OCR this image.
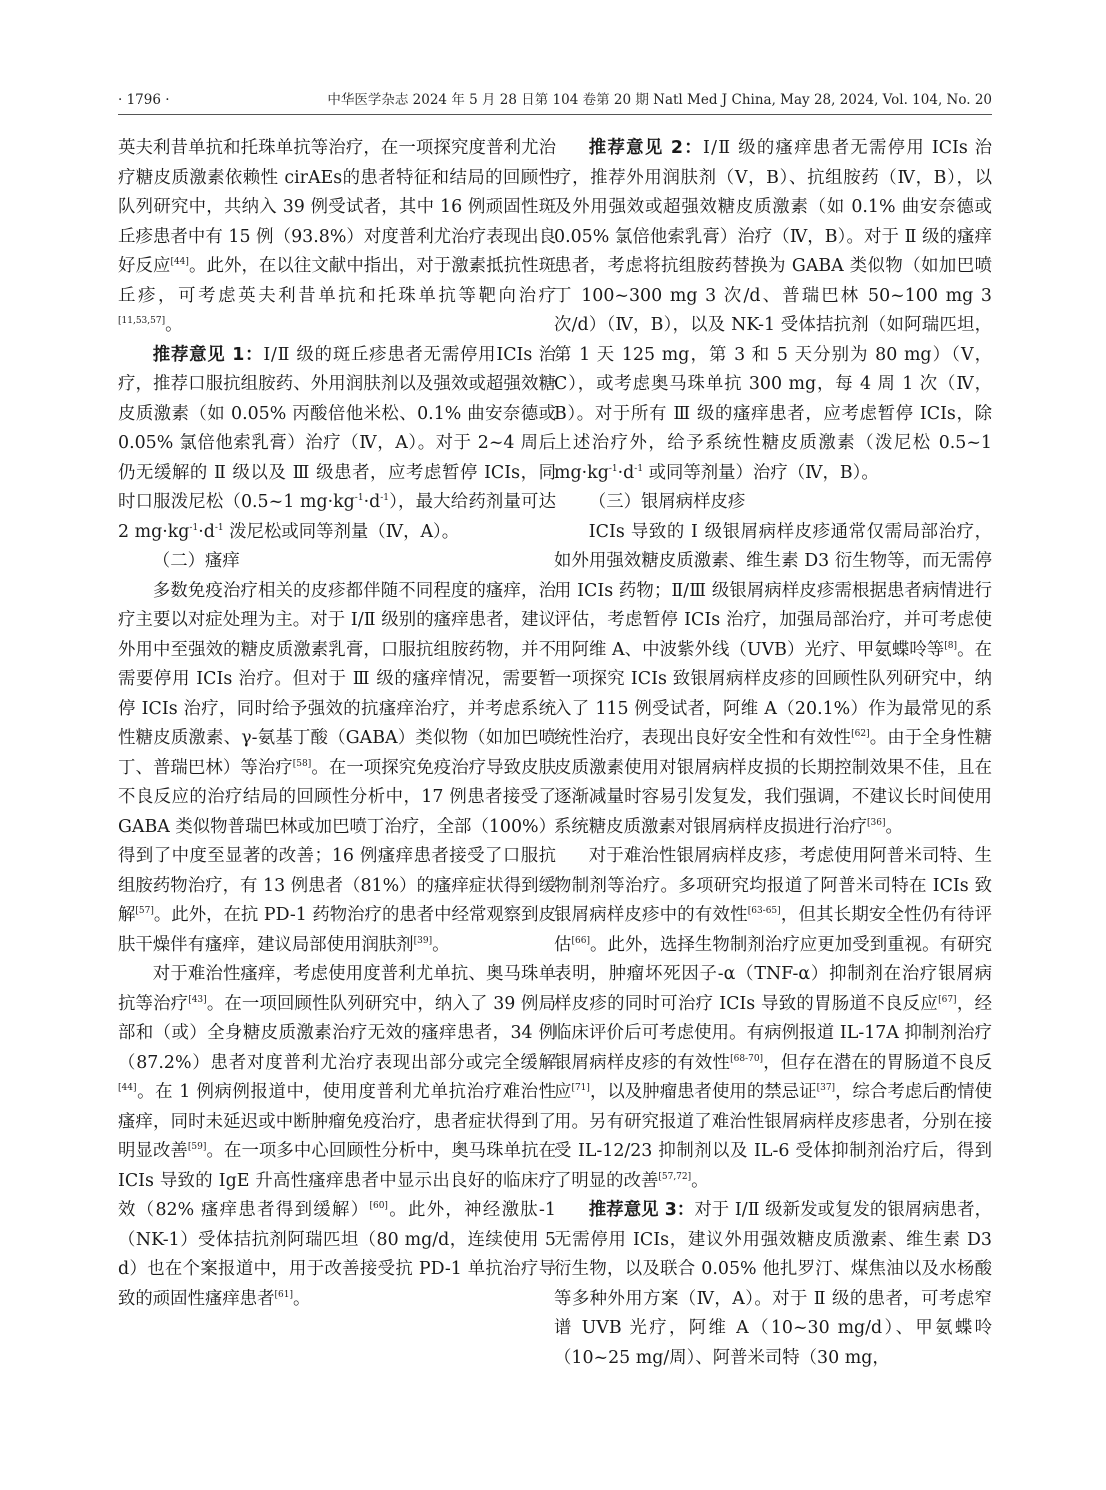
· 1796 ·	中华医学杂志 2024 年 5 月 28 日第 104 卷第 20 期 Natl Med J China, May 28, 2024, Vol. 104, No. 20

英夫利昔单抗和托珠单抗等治疗，在一项探究度普利尤治疗糖皮质激素依赖性 cirAEs的患者特征和结局的回顾性队列研究中，共纳入 39 例受试者，其中 16 例顽固性斑丘疹患者中有 15 例（93.8%）对度普利尤治疗表现出良好反应[44]。此外，在以往文献中指出，对于激素抵抗性斑丘疹，可考虑英夫利昔单抗和托珠单抗等靶向治疗[11,53,57]。

推荐意见 1：Ⅰ/Ⅱ 级的斑丘疹患者无需停用ICIs 治疗，推荐口服抗组胺药、外用润肤剂以及强效或超强效糖皮质激素（如 0.05% 丙酸倍他米松、0.1% 曲安奈德或 0.05% 氯倍他索乳膏）治疗（Ⅳ，A）。对于 2~4 周后仍无缓解的 Ⅱ 级以及 Ⅲ 级患者，应考虑暂停 ICIs，同时口服泼尼松（0.5~1 $mg\cdot kg^{-1}\cdot d^{-1}$），最大给药剂量可达 2 $mg\cdot kg^{-1}\cdot d^{-1}$ 泼尼松或同等剂量（Ⅳ，A）。

（二）瘙痒

多数免疫治疗相关的皮疹都伴随不同程度的瘙痒，治疗主要以对症处理为主。对于 Ⅰ/Ⅱ 级别的瘙痒患者，建议外用中至强效的糖皮质激素乳膏，口服抗组胺药物，并不需要停用 ICIs 治疗。但对于 Ⅲ 级的瘙痒情况，需要暂停 ICIs 治疗，同时给予强效的抗瘙痒治疗，并考虑系统性糖皮质激素、γ-氨基丁酸（GABA）类似物（如加巴喷丁、普瑞巴林）等治疗[58]。在一项探究免疫治疗导致皮肤不良反应的治疗结局的回顾性分析中，17 例患者接受了 GABA 类似物普瑞巴林或加巴喷丁治疗，全部（100%）得到了中度至显著的改善；16 例瘙痒患者接受了口服抗组胺药物治疗，有 13 例患者（81%）的瘙痒症状得到缓解[57]。此外，在抗 PD-1 药物治疗的患者中经常观察到皮肤干燥伴有瘙痒，建议局部使用润肤剂[39]。

对于难治性瘙痒，考虑使用度普利尤单抗、奥马珠单抗等治疗[43]。在一项回顾性队列研究中，纳入了 39 例局部和（或）全身糖皮质激素治疗无效的瘙痒患者，34 例（87.2%）患者对度普利尤治疗表现出部分或完全缓解[44]。在 1 例病例报道中，使用度普利尤单抗治疗难治性瘙痒，同时未延迟或中断肿瘤免疫治疗，患者症状得到了明显改善[59]。在一项多中心回顾性分析中，奥马珠单抗在 ICIs 导致的 IgE 升高性瘙痒患者中显示出良好的临床疗效（82% 瘙痒患者得到缓解）[60]。此外，神经激肽-1（NK-1）受体拮抗剂阿瑞匹坦（80 mg/d，连续使用 5 d）也在个案报道中，用于改善接受抗 PD-1 单抗治疗导致的顽固性瘙痒患者[61]。

推荐意见 2：Ⅰ/Ⅱ 级的瘙痒患者无需停用 ICIs 治疗，推荐外用润肤剂（Ⅴ，B）、抗组胺药（Ⅳ，B），以及外用强效或超强效糖皮质激素（如 0.1% 曲安奈德或 0.05% 氯倍他索乳膏）治疗（Ⅳ，B）。对于 Ⅱ 级的瘙痒患者，考虑将抗组胺药替换为 GABA 类似物（如加巴喷丁 100~300 mg 3 次/d、普瑞巴林 50~100 mg 3 次/d）（Ⅳ，B），以及 NK-1 受体拮抗剂（如阿瑞匹坦，第 1 天 125 mg，第 3 和 5 天分别为 80 mg）（Ⅴ，C），或考虑奥马珠单抗 300 mg，每 4 周 1 次（Ⅳ，B）。对于所有 Ⅲ 级的瘙痒患者，应考虑暂停 ICIs，除上述治疗外，给予系统性糖皮质激素（泼尼松 0.5~1 $mg\cdot kg^{-1}\cdot d^{-1}$ 或同等剂量）治疗（Ⅳ，B）。

（三）银屑病样皮疹

ICIs 导致的 Ⅰ 级银屑病样皮疹通常仅需局部治疗，如外用强效糖皮质激素、维生素 D3 衍生物等，而无需停用 ICIs 药物；Ⅱ/Ⅲ 级银屑病样皮疹需根据患者病情进行评估，考虑暂停 ICIs 治疗，加强局部治疗，并可考虑使用阿维 A、中波紫外线（UVB）光疗、甲氨蝶呤等[8]。在一项探究 ICIs 致银屑病样皮疹的回顾性队列研究中，纳入了 115 例受试者，阿维 A（20.1%）作为最常见的系统性治疗，表现出良好安全性和有效性[62]。由于全身性糖皮质激素使用对银屑病样皮损的长期控制效果不佳，且在逐渐减量时容易引发复发，我们强调，不建议长时间使用系统糖皮质激素对银屑病样皮损进行治疗[36]。

对于难治性银屑病样皮疹，考虑使用阿普米司特、生物制剂等治疗。多项研究均报道了阿普米司特在 ICIs 致银屑病样皮疹中的有效性[63-65]，但其长期安全性仍有待评估[66]。此外，选择生物制剂治疗应更加受到重视。有研究表明，肿瘤坏死因子-α（TNF-α）抑制剂在治疗银屑病样皮疹的同时可治疗 ICIs 导致的胃肠道不良反应[67]，经临床评价后可考虑使用。有病例报道 IL-17A 抑制剂治疗银屑病样皮疹的有效性[68-70]，但存在潜在的胃肠道不良反应[71]，以及肿瘤患者使用的禁忌证[37]，综合考虑后酌情使用。另有研究报道了难治性银屑病样皮疹患者，分别在接受 IL-12/23 抑制剂以及 IL-6 受体抑制剂治疗后，得到了明显的改善[57,72]。

推荐意见 3：对于 Ⅰ/Ⅱ 级新发或复发的银屑病患者，无需停用 ICIs，建议外用强效糖皮质激素、维生素 D3 衍生物，以及联合 0.05% 他扎罗汀、煤焦油以及水杨酸等多种外用方案（Ⅳ，A）。对于 Ⅱ 级的患者，可考虑窄谱 UVB 光疗，阿维 A（10~30 mg/d）、甲氨蝶呤（10~25 mg/周）、阿普米司特（30 mg，
